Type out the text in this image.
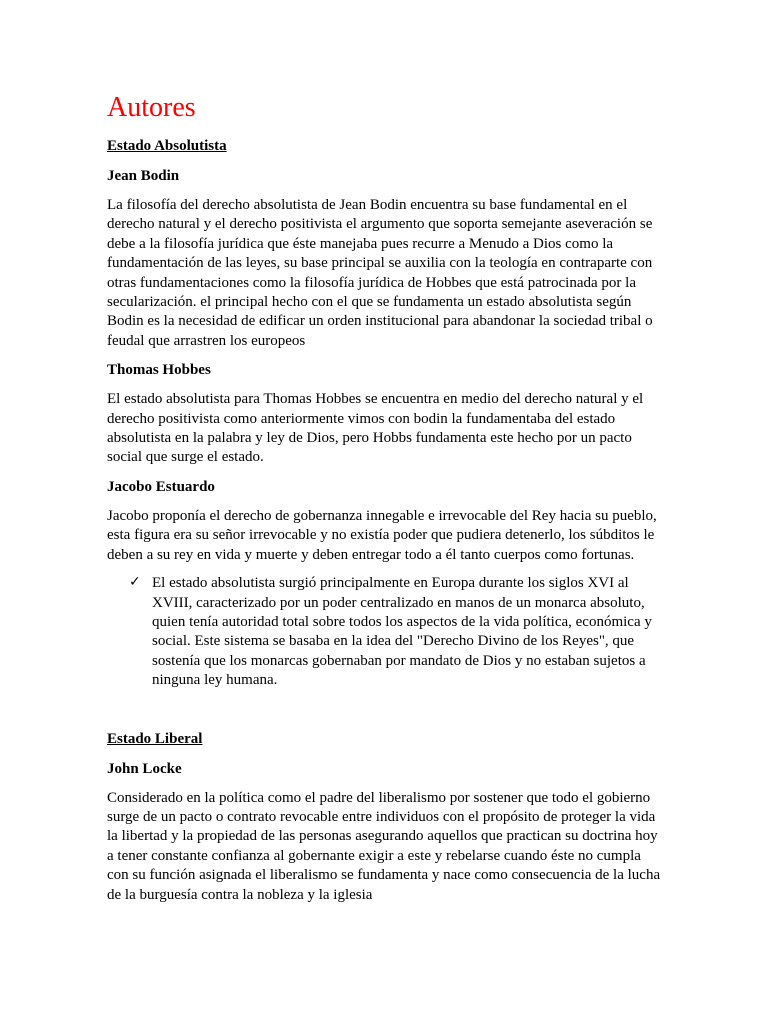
Autores
Estado Absolutista
Jean Bodin

La filosofía del derecho absolutista de Jean Bodin encuentra su base fundamental en el derecho natural y el derecho positivista el argumento que soporta semejante aseveración se debe a la filosofía jurídica que éste manejaba pues recurre a Menudo a Dios como la fundamentación de las leyes, su base principal se auxilia con la teología en contraparte con otras fundamentaciones como la filosofía jurídica de Hobbes que está patrocinada por la secularización. el principal hecho con el que se fundamenta un estado absolutista según Bodin es la necesidad de edificar un orden institucional para abandonar la sociedad tribal o feudal que arrastren los europeos

Thomas Hobbes

El estado absolutista para Thomas Hobbes se encuentra en medio del derecho natural y el derecho positivista como anteriormente vimos con bodin la fundamentaba del estado absolutista en la palabra y ley de Dios, pero Hobbs fundamenta este hecho por un pacto social que surge el estado.

Jacobo Estuardo

Jacobo proponía el derecho de gobernanza innegable e irrevocable del Rey hacia su pueblo, esta figura era su señor irrevocable y no existía poder que pudiera detenerlo, los súbditos le deben a su rey en vida y muerte y deben entregar todo a él tanto cuerpos como fortunas.

✓ El estado absolutista surgió principalmente en Europa durante los siglos XVI al XVIII, caracterizado por un poder centralizado en manos de un monarca absoluto, quien tenía autoridad total sobre todos los aspectos de la vida política, económica y social. Este sistema se basaba en la idea del "Derecho Divino de los Reyes", que sostenía que los monarcas gobernaban por mandato de Dios y no estaban sujetos a ninguna ley humana.
Estado Liberal
John Locke

Considerado en la política como el padre del liberalismo por sostener que todo el gobierno surge de un pacto o contrato revocable entre individuos con el propósito de proteger la vida la libertad y la propiedad de las personas asegurando aquellos que practican su doctrina hoy a tener constante confianza al gobernante exigir a este y rebelarse cuando éste no cumpla con su función asignada el liberalismo se fundamenta y nace como consecuencia de la lucha de la burguesía contra la nobleza y la iglesia
